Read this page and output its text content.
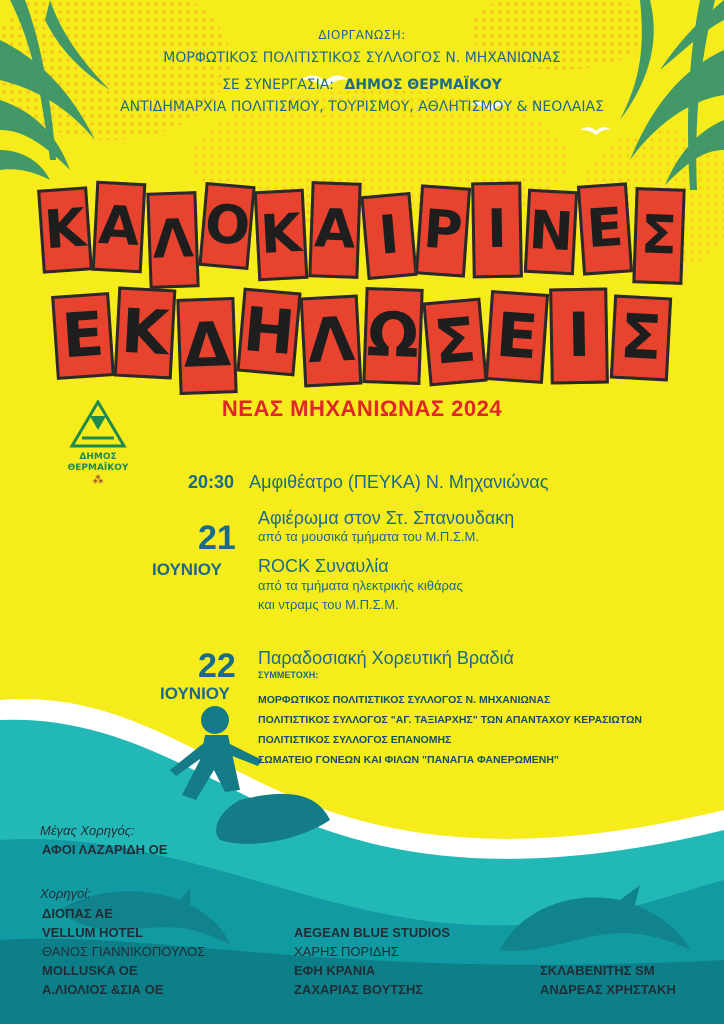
ΔΙΟΡΓΑΝΩΣΗ:
ΜΟΡΦΩΤΙΚΟΣ ΠΟΛΙΤΙΣΤΙΚΟΣ ΣΥΛΛΟΓΟΣ Ν. ΜΗΧΑΝΙΩΝΑΣ
ΣΕ ΣΥΝΕΡΓΑΣΙΑ: ΔΗΜΟΣ ΘΕΡΜΑΪΚΟΥ
ΑΝΤΙΔΗΜΑΡΧΙΑ ΠΟΛΙΤΙΣΜΟΥ, ΤΟΥΡΙΣΜΟΥ, ΑΘΛΗΤΙΣΜΟΥ & ΝΕΟΛΑΙΑΣ
Κ Α Λ Ο Κ Α Ι Ρ Ι Ν Ε Σ
Ε Κ Δ Η Λ Ω Σ Ε Ι Σ
ΝΕΑΣ ΜΗΧΑΝΙΩΝΑΣ 2024
ΔΗΜΟΣ
ΘΕΡΜΑΪΚΟΥ
⁂	20:30 Αμφιθέατρο (ΠΕΥΚΑ) Ν. Μηχανιώνας
21
ΙΟΥΝΙΟΥ
Αφιέρωμα στον Στ. Σπανουδακη
από τα μουσικά τμήματα του Μ.Π.Σ.Μ.
ROCK Συναυλία
από τα τμήματα ηλεκτρικής κιθάρας
και ντραμς του Μ.Π.Σ.Μ.
22
ΙΟΥΝΙΟΥ
Παραδοσιακή Χορευτική Βραδιά
ΣΥΜΜΕΤΟΧΗ:
ΜΟΡΦΩΤΙΚΟΣ ΠΟΛΙΤΙΣΤΙΚΟΣ ΣΥΛΛΟΓΟΣ Ν. ΜΗΧΑΝΙΩΝΑΣ
ΠΟΛΙΤΙΣΤΙΚΟΣ ΣΥΛΛΟΓΟΣ "ΑΓ. ΤΑΞΙΑΡΧΗΣ" ΤΩΝ ΑΠΑΝΤΑΧΟΥ ΚΕΡΑΣΙΩΤΩΝ
ΠΟΛΙΤΙΣΤΙΚΟΣ ΣΥΛΛΟΓΟΣ ΕΠΑΝΟΜΗΣ
ΣΩΜΑΤΕΙΟ ΓΟΝΕΩΝ ΚΑΙ ΦΙΛΩΝ "ΠΑΝΑΓΙΑ ΦΑΝΕΡΩΜΕΝΗ"
Μέγας Χορηγός:
ΑΦΟΙ ΛΑΖΑΡΙΔΗ ΟΕ
Χορηγοί:
ΔΙΟΠΑΣ ΑΕ
VELLUM HOTEL
ΘΑΝΟΣ ΓΙΑΝΝΙΚΟΠΟΥΛΟΣ
MOLLUSKA ΟΕ
Α.ΛΙΟΛΙΟΣ &ΣΙΑ ΟΕ
AEGEAN BLUE STUDIOS
ΧΑΡΗΣ ΠΟΡΙΔΗΣ
ΕΦΗ ΚΡΑΝΙΑ
ΖΑΧΑΡΙΑΣ ΒΟΥΤΣΗΣ
ΣΚΛΑΒΕΝΙΤΗΣ SM
ΑΝΔΡΕΑΣ ΧΡΗΣΤΑΚΗ
